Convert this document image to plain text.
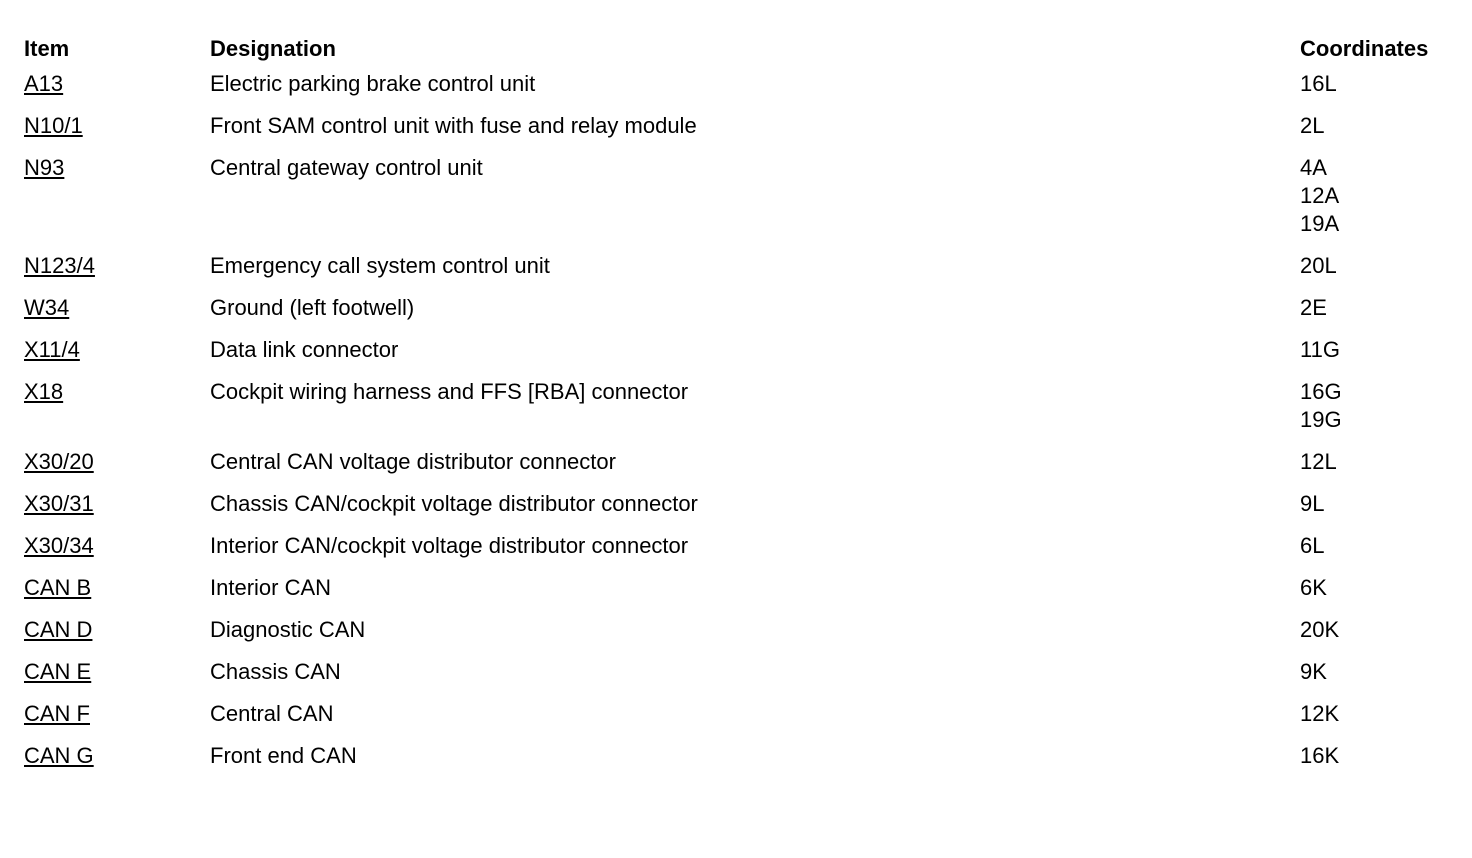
Item	Designation	Coordinates
A13	Electric parking brake control unit	16L

N10/1	Front SAM control unit with fuse and relay module	2L

N93	Central gateway control unit	4A
12A
19A

N123/4	Emergency call system control unit	20L

W34	Ground (left footwell)	2E

X11/4	Data link connector	11G

X18	Cockpit wiring harness and FFS [RBA] connector	16G
19G

X30/20	Central CAN voltage distributor connector	12L

X30/31	Chassis CAN/cockpit voltage distributor connector	9L

X30/34	Interior CAN/cockpit voltage distributor connector	6L

CAN B	Interior CAN	6K

CAN D	Diagnostic CAN	20K

CAN E	Chassis CAN	9K

CAN F	Central CAN	12K

CAN G	Front end CAN	16K
